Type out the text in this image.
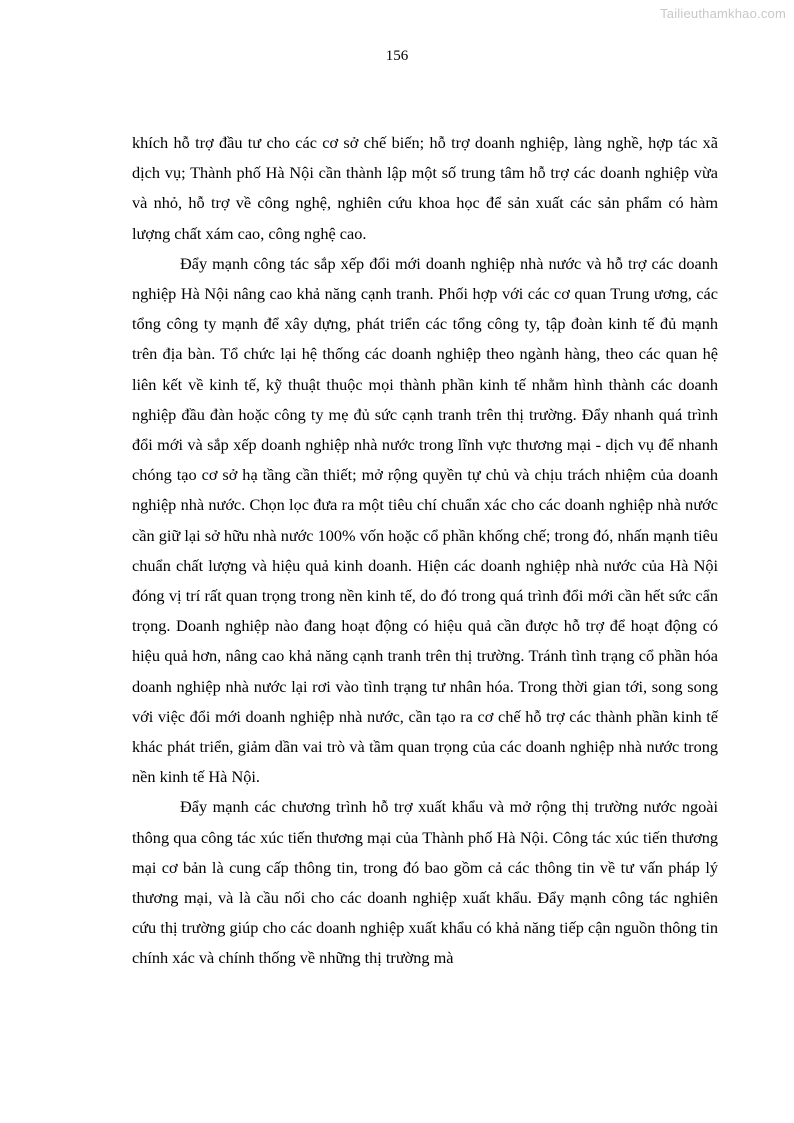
Tailieuthamkhao.com
156

khích hỗ trợ đầu tư cho các cơ sở chế biến; hỗ trợ doanh nghiệp, làng nghề, hợp tác xã dịch vụ; Thành phố Hà Nội cần thành lập một số trung tâm hỗ trợ các doanh nghiệp vừa và nhỏ, hỗ trợ về công nghệ, nghiên cứu khoa học để sản xuất các sản phẩm có hàm lượng chất xám cao, công nghệ cao.

Đẩy mạnh công tác sắp xếp đổi mới doanh nghiệp nhà nước và hỗ trợ các doanh nghiệp Hà Nội nâng cao khả năng cạnh tranh. Phối hợp với các cơ quan Trung ương, các tổng công ty mạnh để xây dựng, phát triển các tổng công ty, tập đoàn kinh tế đủ mạnh trên địa bàn. Tổ chức lại hệ thống các doanh nghiệp theo ngành hàng, theo các quan hệ liên kết về kinh tế, kỹ thuật thuộc mọi thành phần kinh tế nhằm hình thành các doanh nghiệp đầu đàn hoặc công ty mẹ đủ sức cạnh tranh trên thị trường. Đẩy nhanh quá trình đổi mới và sắp xếp doanh nghiệp nhà nước trong lĩnh vực thương mại - dịch vụ để nhanh chóng tạo cơ sở hạ tầng cần thiết; mở rộng quyền tự chủ và chịu trách nhiệm của doanh nghiệp nhà nước. Chọn lọc đưa ra một tiêu chí chuẩn xác cho các doanh nghiệp nhà nước cần giữ lại sở hữu nhà nước 100% vốn hoặc cổ phần khống chế; trong đó, nhấn mạnh tiêu chuẩn chất lượng và hiệu quả kinh doanh. Hiện các doanh nghiệp nhà nước của Hà Nội đóng vị trí rất quan trọng trong nền kinh tế, do đó trong quá trình đổi mới cần hết sức cẩn trọng. Doanh nghiệp nào đang hoạt động có hiệu quả cần được hỗ trợ để hoạt động có hiệu quả hơn, nâng cao khả năng cạnh tranh trên thị trường. Tránh tình trạng cổ phần hóa doanh nghiệp nhà nước lại rơi vào tình trạng tư nhân hóa. Trong thời gian tới, song song với việc đổi mới doanh nghiệp nhà nước, cần tạo ra cơ chế hỗ trợ các thành phần kinh tế khác phát triển, giảm dần vai trò và tầm quan trọng của các doanh nghiệp nhà nước trong nền kinh tế Hà Nội.

Đẩy mạnh các chương trình hỗ trợ xuất khẩu và mở rộng thị trường nước ngoài thông qua công tác xúc tiến thương mại của Thành phố Hà Nội. Công tác xúc tiến thương mại cơ bản là cung cấp thông tin, trong đó bao gồm cả các thông tin về tư vấn pháp lý thương mại, và là cầu nối cho các doanh nghiệp xuất khẩu. Đẩy mạnh công tác nghiên cứu thị trường giúp cho các doanh nghiệp xuất khẩu có khả năng tiếp cận nguồn thông tin chính xác và chính thống về những thị trường mà
